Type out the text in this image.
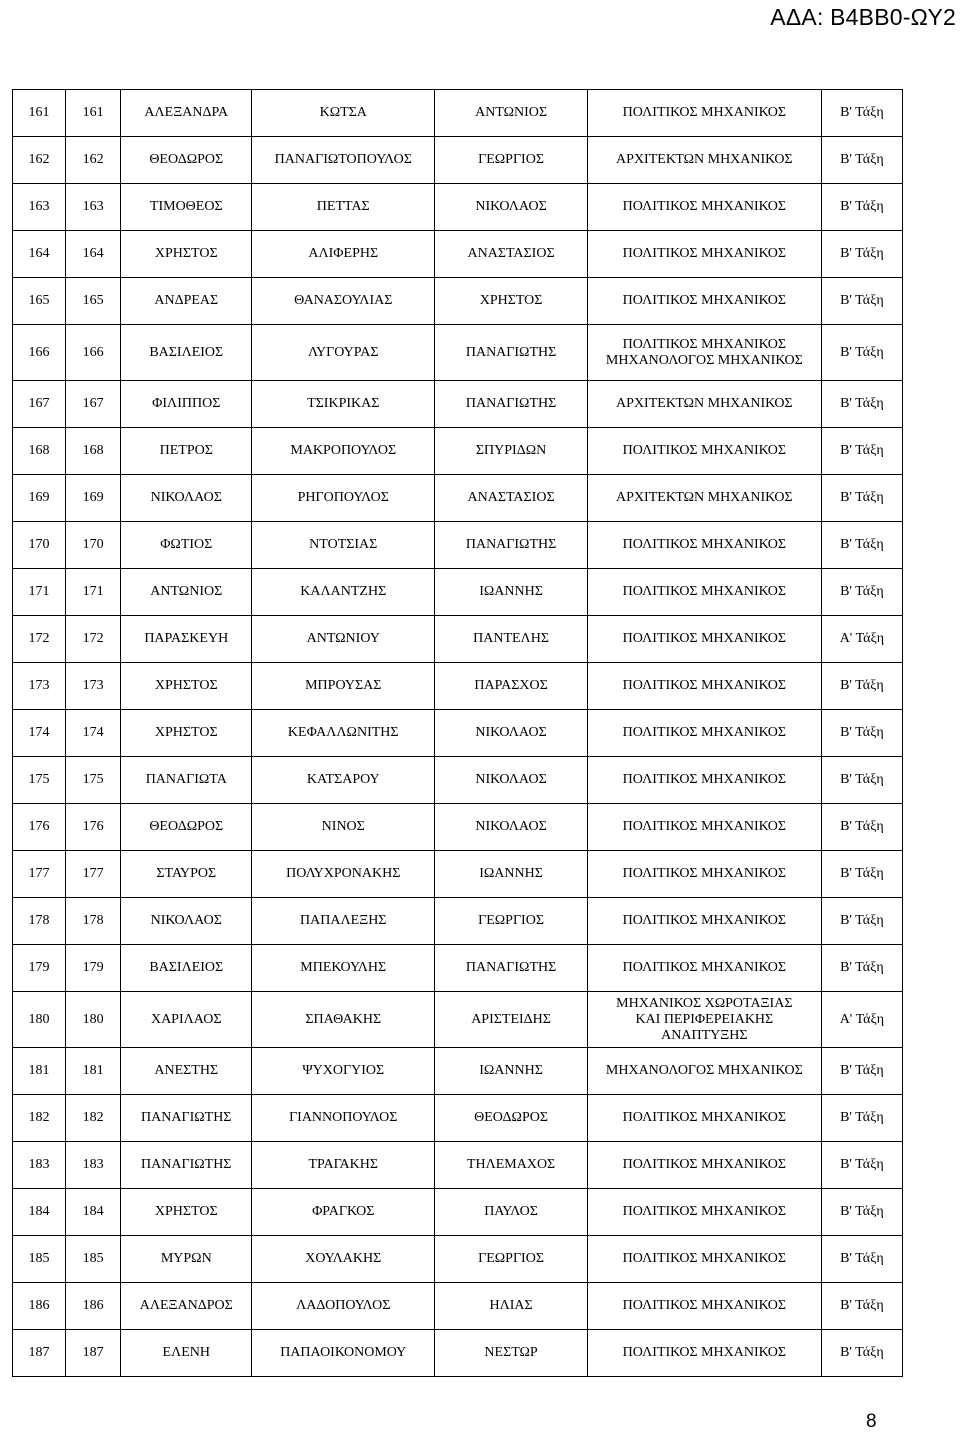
ΑΔΑ: Β4ΒΒ0-ΩΥ2
161	161	ΑΛΕΞΑΝΔΡΑ	ΚΩΤΣΑ	ΑΝΤΩΝΙΟΣ	ΠΟΛΙΤΙΚΟΣ ΜΗΧΑΝΙΚΟΣ	Β' Τάξη
162	162	ΘΕΟΔΩΡΟΣ	ΠΑΝΑΓΙΩΤΟΠΟΥΛΟΣ	ΓΕΩΡΓΙΟΣ	ΑΡΧΙΤΕΚΤΩΝ ΜΗΧΑΝΙΚΟΣ	Β' Τάξη
163	163	ΤΙΜΟΘΕΟΣ	ΠΕΤΤΑΣ	ΝΙΚΟΛΑΟΣ	ΠΟΛΙΤΙΚΟΣ ΜΗΧΑΝΙΚΟΣ	Β' Τάξη
164	164	ΧΡΗΣΤΟΣ	ΑΛΙΦΕΡΗΣ	ΑΝΑΣΤΑΣΙΟΣ	ΠΟΛΙΤΙΚΟΣ ΜΗΧΑΝΙΚΟΣ	Β' Τάξη
165	165	ΑΝΔΡΕΑΣ	ΘΑΝΑΣΟΥΛΙΑΣ	ΧΡΗΣΤΟΣ	ΠΟΛΙΤΙΚΟΣ ΜΗΧΑΝΙΚΟΣ	Β' Τάξη
166	166	ΒΑΣΙΛΕΙΟΣ	ΛΥΓΟΥΡΑΣ	ΠΑΝΑΓΙΩΤΗΣ	ΠΟΛΙΤΙΚΟΣ ΜΗΧΑΝΙΚΟΣ
ΜΗΧΑΝΟΛΟΓΟΣ ΜΗΧΑΝΙΚΟΣ	Β' Τάξη
167	167	ΦΙΛΙΠΠΟΣ	ΤΣΙΚΡΙΚΑΣ	ΠΑΝΑΓΙΩΤΗΣ	ΑΡΧΙΤΕΚΤΩΝ ΜΗΧΑΝΙΚΟΣ	Β' Τάξη
168	168	ΠΕΤΡΟΣ	ΜΑΚΡΟΠΟΥΛΟΣ	ΣΠΥΡΙΔΩΝ	ΠΟΛΙΤΙΚΟΣ ΜΗΧΑΝΙΚΟΣ	Β' Τάξη
169	169	ΝΙΚΟΛΑΟΣ	ΡΗΓΟΠΟΥΛΟΣ	ΑΝΑΣΤΑΣΙΟΣ	ΑΡΧΙΤΕΚΤΩΝ ΜΗΧΑΝΙΚΟΣ	Β' Τάξη
170	170	ΦΩΤΙΟΣ	ΝΤΟΤΣΙΑΣ	ΠΑΝΑΓΙΩΤΗΣ	ΠΟΛΙΤΙΚΟΣ ΜΗΧΑΝΙΚΟΣ	Β' Τάξη
171	171	ΑΝΤΩΝΙΟΣ	ΚΑΛΑΝΤΖΗΣ	ΙΩΑΝΝΗΣ	ΠΟΛΙΤΙΚΟΣ ΜΗΧΑΝΙΚΟΣ	Β' Τάξη
172	172	ΠΑΡΑΣΚΕΥΗ	ΑΝΤΩΝΙΟΥ	ΠΑΝΤΕΛΗΣ	ΠΟΛΙΤΙΚΟΣ ΜΗΧΑΝΙΚΟΣ	Α' Τάξη
173	173	ΧΡΗΣΤΟΣ	ΜΠΡΟΥΣΑΣ	ΠΑΡΑΣΧΟΣ	ΠΟΛΙΤΙΚΟΣ ΜΗΧΑΝΙΚΟΣ	Β' Τάξη
174	174	ΧΡΗΣΤΟΣ	ΚΕΦΑΛΛΩΝΙΤΗΣ	ΝΙΚΟΛΑΟΣ	ΠΟΛΙΤΙΚΟΣ ΜΗΧΑΝΙΚΟΣ	Β' Τάξη
175	175	ΠΑΝΑΓΙΩΤΑ	ΚΑΤΣΑΡΟΥ	ΝΙΚΟΛΑΟΣ	ΠΟΛΙΤΙΚΟΣ ΜΗΧΑΝΙΚΟΣ	Β' Τάξη
176	176	ΘΕΟΔΩΡΟΣ	ΝΙΝΟΣ	ΝΙΚΟΛΑΟΣ	ΠΟΛΙΤΙΚΟΣ ΜΗΧΑΝΙΚΟΣ	Β' Τάξη
177	177	ΣΤΑΥΡΟΣ	ΠΟΛΥΧΡΟΝΑΚΗΣ	ΙΩΑΝΝΗΣ	ΠΟΛΙΤΙΚΟΣ ΜΗΧΑΝΙΚΟΣ	Β' Τάξη
178	178	ΝΙΚΟΛΑΟΣ	ΠΑΠΑΛΕΞΗΣ	ΓΕΩΡΓΙΟΣ	ΠΟΛΙΤΙΚΟΣ ΜΗΧΑΝΙΚΟΣ	Β' Τάξη
179	179	ΒΑΣΙΛΕΙΟΣ	ΜΠΕΚΟΥΛΗΣ	ΠΑΝΑΓΙΩΤΗΣ	ΠΟΛΙΤΙΚΟΣ ΜΗΧΑΝΙΚΟΣ	Β' Τάξη
180	180	ΧΑΡΙΛΑΟΣ	ΣΠΑΘΑΚΗΣ	ΑΡΙΣΤΕΙΔΗΣ	ΜΗΧΑΝΙΚΟΣ ΧΩΡΟΤΑΞΙΑΣ
ΚΑΙ ΠΕΡΙΦΕΡΕΙΑΚΗΣ
ΑΝΑΠΤΥΞΗΣ	Α' Τάξη
181	181	ΑΝΕΣΤΗΣ	ΨΥΧΟΓΥΙΟΣ	ΙΩΑΝΝΗΣ	ΜΗΧΑΝΟΛΟΓΟΣ ΜΗΧΑΝΙΚΟΣ	Β' Τάξη
182	182	ΠΑΝΑΓΙΩΤΗΣ	ΓΙΑΝΝΟΠΟΥΛΟΣ	ΘΕΟΔΩΡΟΣ	ΠΟΛΙΤΙΚΟΣ ΜΗΧΑΝΙΚΟΣ	Β' Τάξη
183	183	ΠΑΝΑΓΙΩΤΗΣ	ΤΡΑΓΑΚΗΣ	ΤΗΛΕΜΑΧΟΣ	ΠΟΛΙΤΙΚΟΣ ΜΗΧΑΝΙΚΟΣ	Β' Τάξη
184	184	ΧΡΗΣΤΟΣ	ΦΡΑΓΚΟΣ	ΠΑΥΛΟΣ	ΠΟΛΙΤΙΚΟΣ ΜΗΧΑΝΙΚΟΣ	Β' Τάξη
185	185	ΜΥΡΩΝ	ΧΟΥΛΑΚΗΣ	ΓΕΩΡΓΙΟΣ	ΠΟΛΙΤΙΚΟΣ ΜΗΧΑΝΙΚΟΣ	Β' Τάξη
186	186	ΑΛΕΞΑΝΔΡΟΣ	ΛΑΔΟΠΟΥΛΟΣ	ΗΛΙΑΣ	ΠΟΛΙΤΙΚΟΣ ΜΗΧΑΝΙΚΟΣ	Β' Τάξη
187	187	ΕΛΕΝΗ	ΠΑΠΑΟΙΚΟΝΟΜΟΥ	ΝΕΣΤΩΡ	ΠΟΛΙΤΙΚΟΣ ΜΗΧΑΝΙΚΟΣ	Β' Τάξη
8
